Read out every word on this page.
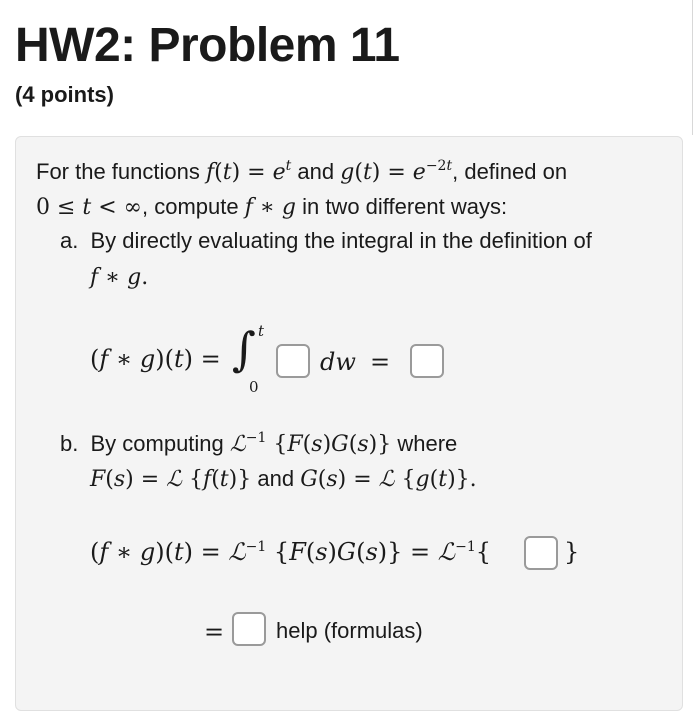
HW2: Problem 11
(4 points)
For the functions $f(t) = e^t$ and $g(t) = e^{-2t}$, defined on
0 ≤ t < ∞, compute f ∗ g in two different ways:
a. By directly evaluating the integral in the definition of
f ∗ g.
(f ∗ g)(t) = ∫ t
0
dw =
b. By computing ℒ$^{-1}$ {F(s)G(s)} where
F(s) = ℒ {f(t)} and G(s) = ℒ {g(t)}.
(f ∗ g)(t) = ℒ$^{-1}$ {F(s)G(s)} = ℒ$^{-1}${	}
= help (formulas)
